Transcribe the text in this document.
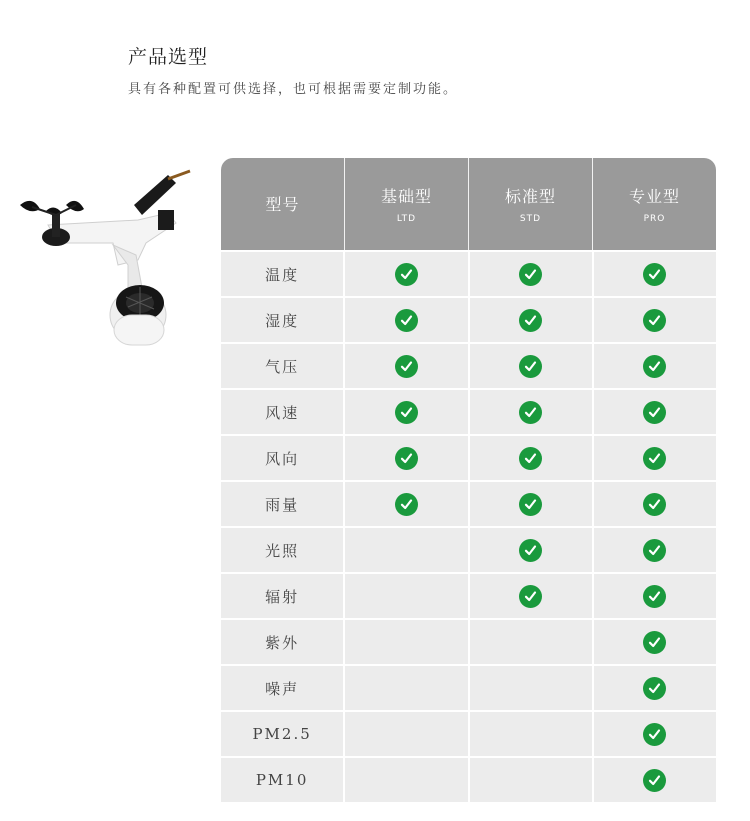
产品选型
具有各种配置可供选择，也可根据需要定制功能。
型号	基础型
LTD
标准型
STD
专业型
PRO
温度
湿度
气压
风速
风向
雨量
光照
辐射
紫外
噪声
PM2.5
PM10
